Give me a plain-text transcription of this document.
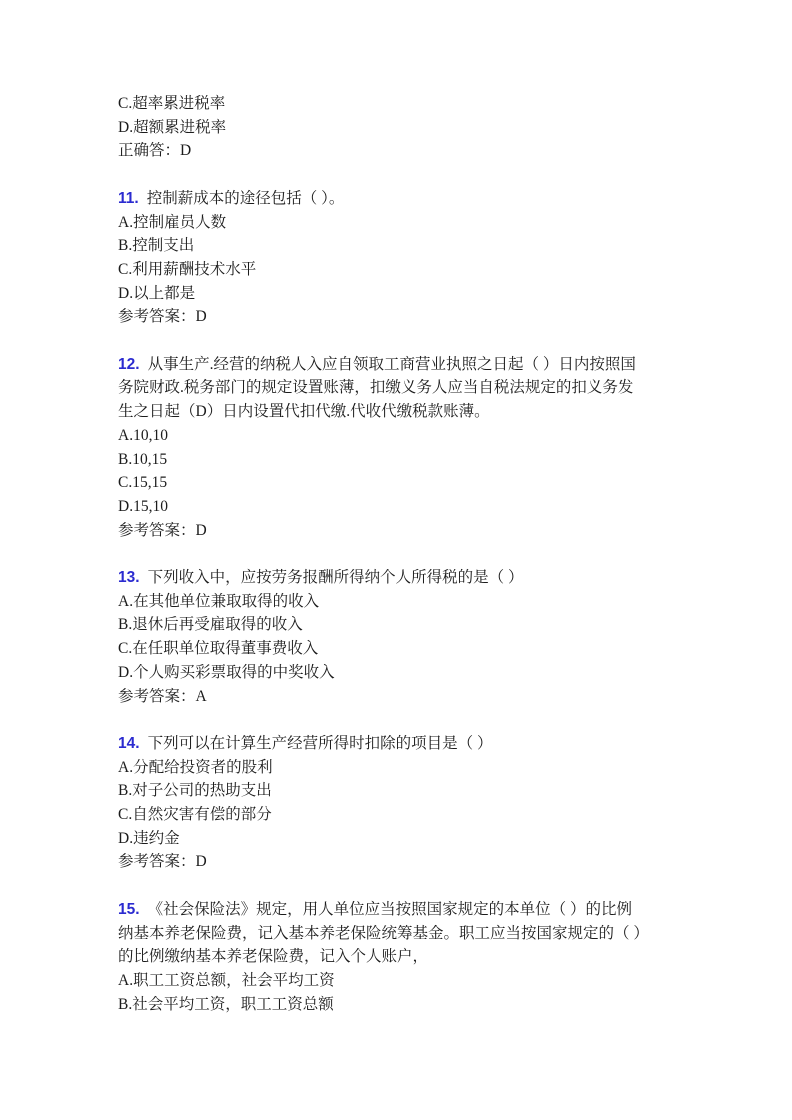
C.超率累进税率

D.超额累进税率

正确答：D

11. 控制薪成本的途径包括（ ）。

A.控制雇员人数

B.控制支出

C.利用薪酬技术水平

D.以上都是

参考答案：D

12. 从事生产.经营的纳税人入应自领取工商营业执照之日起（ ）日内按照国务院财政.税务部门的规定设置账薄，扣缴义务人应当自税法规定的扣义务发生之日起（D）日内设置代扣代缴.代收代缴税款账薄。

A.10,10

B.10,15

C.15,15

D.15,10

参考答案：D

13. 下列收入中，应按劳务报酬所得纳个人所得税的是（ ）

A.在其他单位兼取取得的收入

B.退休后再受雇取得的收入

C.在任职单位取得董事费收入

D.个人购买彩票取得的中奖收入

参考答案：A

14. 下列可以在计算生产经营所得时扣除的项目是（ ）

A.分配给投资者的股利

B.对子公司的热助支出

C.自然灾害有偿的部分

D.违约金

参考答案：D

15. 《社会保险法》规定，用人单位应当按照国家规定的本单位（ ）的比例纳基本养老保险费，记入基本养老保险统筹基金。职工应当按国家规定的（ ）的比例缴纳基本养老保险费，记入个人账户，

A.职工工资总额，社会平均工资

B.社会平均工资，职工工资总额
